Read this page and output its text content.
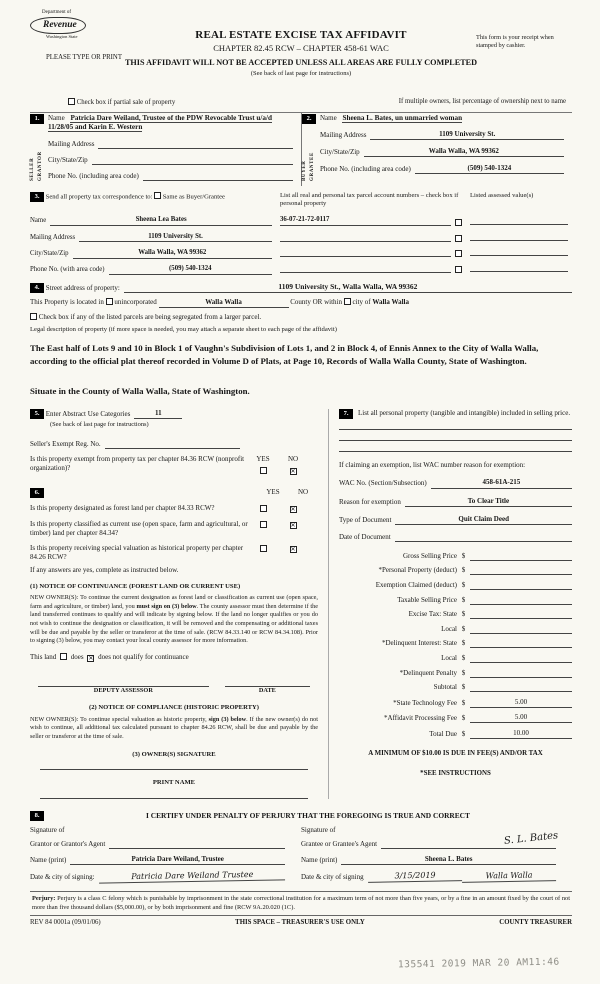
Department of
Revenue
Washington State
PLEASE TYPE OR PRINT
REAL ESTATE EXCISE TAX AFFIDAVIT
CHAPTER 82.45 RCW – CHAPTER 458-61 WAC
THIS AFFIDAVIT WILL NOT BE ACCEPTED UNLESS ALL AREAS ARE FULLY COMPLETED
(See back of last page for instructions)
This form is your receipt when stamped by cashier.
Check box if partial sale of property	If multiple owners, list percentage of ownership next to name
1.
SELLER GRANTOR
Name Patricia Dare Weiland, Trustee of the PDW Revocable Trust u/a/d 11/28/05 and Karin E. Western
Mailing Address
City/State/Zip
Phone No. (including area code)
2.
BUYER GRANTEE
Name Sheena L. Bates, un unmarried woman
Mailing Address	1109 University St.
City/State/Zip	Walla Walla, WA 99362
Phone No. (including area code)	(509) 540-1324
3. Send all property tax correspondence to: Same as Buyer/Grantee	List all real and personal tax parcel account numbers – check box if personal property
Listed assessed value(s)
Name	Sheena Lea Bates
Mailing Address	1109 University St.
City/State/Zip	Walla Walla, WA 99362
Phone No. (with area code)	(509) 540-1324
36-07-21-72-0117
4.
Street address of property:	1109 University St., Walla Walla, WA 99362
This Property is located in unincorporated	Walla Walla	County OR within city of Walla Walla
Check box if any of the listed parcels are being segregated from a larger parcel.
Legal description of property (if more space is needed, you may attach a separate sheet to each page of the affidavit)
The East half of Lots 9 and 10 in Block 1 of Vaughn's Subdivision of Lots 1, and 2 in Block 4, of Ennis Annex to the City of Walla Walla, according to the official plat thereof recorded in Volume D of Plats, at Page 10, Records of Walla Walla County, State of Washington.
Situate in the County of Walla Walla, State of Washington.
5.
Enter Abstract Use Categories	11
(See back of last page for instructions)
Seller's Exempt Reg. No.
Is this property exempt from property tax per chapter 84.36 RCW (nonprofit organization)?
YES	NO
✕
6.	YES	NO
Is this property designated as forest land per chapter 84.33 RCW?	✕
Is this property classified as current use (open space, farm and agricultural, or timber) land per chapter 84.34?
✕
Is this property receiving special valuation as historical property per chapter 84.26 RCW?
✕
If any answers are yes, complete as instructed below.
(1) NOTICE OF CONTINUANCE (FOREST LAND OR CURRENT USE)

NEW OWNER(S): To continue the current designation as forest land or classification as current use (open space, farm and agriculture, or timber) land, you must sign on (3) below. The county assessor must then determine if the land transferred continues to qualify and will indicate by signing below. If the land no longer qualifies or you do not wish to continue the designation or classification, it will be removed and the compensating or additional taxes will be due and payable by the seller or transferor at the time of sale. (RCW 84.33.140 or RCW 84.34.108). Prior to signing (3) below, you may contact your local county assessor for more information.

This land does ✕ does not qualify for continuance
DEPUTY ASSESSOR	DATE
(2) NOTICE OF COMPLIANCE (HISTORIC PROPERTY)

NEW OWNER(S): To continue special valuation as historic property, sign (3) below. If the new owner(s) do not wish to continue, all additional tax calculated pursuant to chapter 84.26 RCW, shall be due and payable by the seller or transferor at the time of sale.

(3) OWNER(S) SIGNATURE
PRINT NAME
7.	List all personal property (tangible and intangible) included in selling price.
If claiming an exemption, list WAC number reason for exemption:
WAC No. (Section/Subsection)	458-61A-215
Reason for exemption	To Clear Title
Type of Document	Quit Claim Deed
Date of Document
Gross Selling Price $
*Personal Property (deduct) $
Exemption Claimed (deduct) $
Taxable Selling Price $
Excise Tax: State $
Local $
*Delinquent Interest: State $
Local $
*Delinquent Penalty $
Subtotal $
*State Technology Fee $	5.00
*Affidavit Processing Fee $	5.00
Total Due $	10.00
A MINIMUM OF $10.00 IS DUE IN FEE(S) AND/OR TAX
*SEE INSTRUCTIONS
8.	I CERTIFY UNDER PENALTY OF PERJURY THAT THE FOREGOING IS TRUE AND CORRECT
Signature of
Grantor or Grantor's Agent
Name (print)	Patricia Dare Weiland, Trustee
Date & city of signing:	Patricia Dare Weiland Trustee
S. L. Bates
Signature of
Grantee or Grantee's Agent
Name (print)	Sheena L. Bates
Date & city of signing	3/15/2019	Walla Walla
Perjury: Perjury is a class C felony which is punishable by imprisonment in the state correctional institution for a maximum term of not more than five years, or by a fine in an amount fixed by the court of not more than five thousand dollars ($5,000.00), or by both imprisonment and fine (RCW 9A.20.020 (1C).
REV 84 0001a (09/01/06)	THIS SPACE – TREASURER'S USE ONLY	COUNTY TREASURER
135541 2019 MAR 20 AM11:46
